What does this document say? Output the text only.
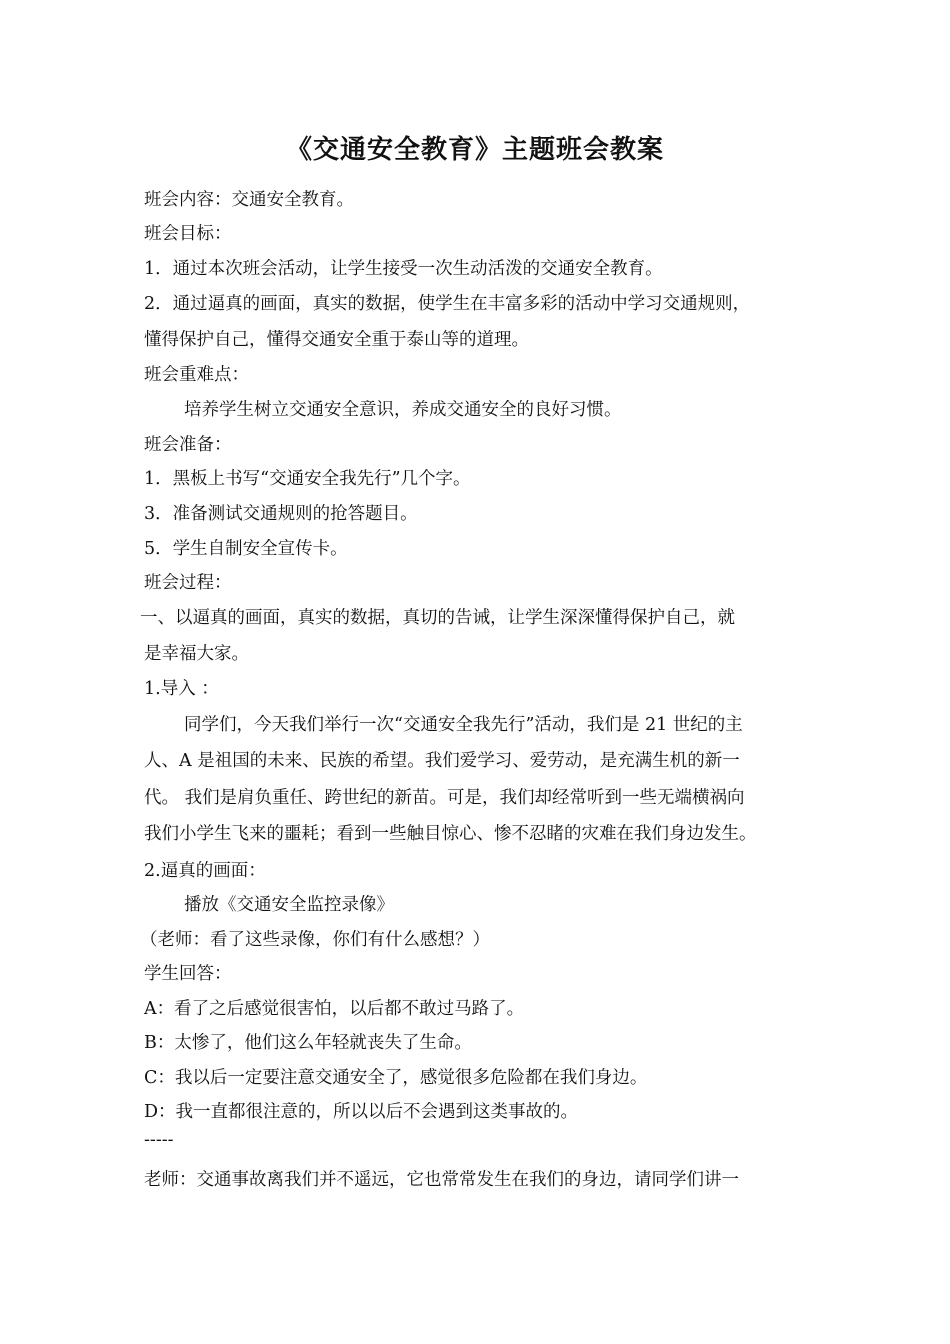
《交通安全教育》主题班会教案
班会内容：交通安全教育。
班会目标：
1．通过本次班会活动，让学生接受一次生动活泼的交通安全教育。
2．通过逼真的画面，真实的数据，使学生在丰富多彩的活动中学习交通规则，
懂得保护自己，懂得交通安全重于泰山等的道理。
班会重难点：
培养学生树立交通安全意识，养成交通安全的良好习惯。
班会准备：
1．黑板上书写“交通安全我先行”几个字。
3．准备测试交通规则的抢答题目。
5．学生自制安全宣传卡。
班会过程：
一、以逼真的画面，真实的数据，真切的告诫，让学生深深懂得保护自己，就
是幸福大家。
1.导入 ：
同学们，今天我们举行一次“交通安全我先行”活动，我们是 21 世纪的主
人、A 是祖国的未来、民族的希望。我们爱学习、爱劳动，是充满生机的新一
代。 我们是肩负重任、跨世纪的新苗。可是，我们却经常听到一些无端横祸向
我们小学生飞来的噩耗；看到一些触目惊心、惨不忍睹的灾难在我们身边发生。
2.逼真的画面：
播放《交通安全监控录像》
（老师：看了这些录像，你们有什么感想？）
学生回答：
A：看了之后感觉很害怕，以后都不敢过马路了。
B：太惨了，他们这么年轻就丧失了生命。
C：我以后一定要注意交通安全了，感觉很多危险都在我们身边。
D：我一直都很注意的，所以以后不会遇到这类事故的。
-----
老师：交通事故离我们并不遥远，它也常常发生在我们的身边，请同学们讲一
